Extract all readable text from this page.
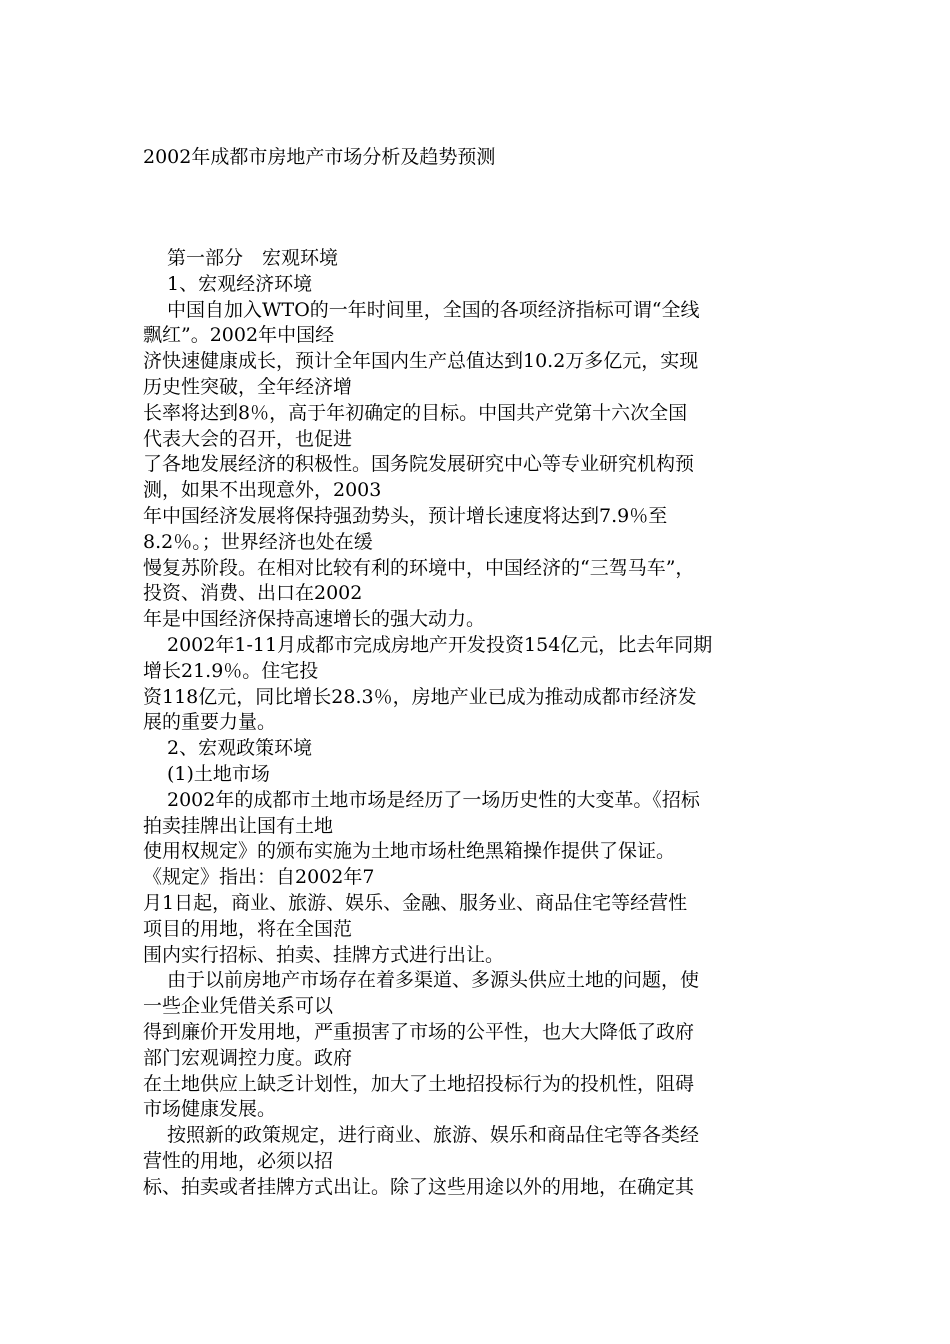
2002年成都市房地产市场分析及趋势预测
第一部分　宏观环境
1、宏观经济环境
中国自加入WTO的一年时间里，全国的各项经济指标可谓“全线
飘红”。2002年中国经
济快速健康成长，预计全年国内生产总值达到10.2万多亿元，实现
历史性突破，全年经济增
长率将达到8％，高于年初确定的目标。中国共产党第十六次全国
代表大会的召开，也促进
了各地发展经济的积极性。国务院发展研究中心等专业研究机构预
测，如果不出现意外，2003
年中国经济发展将保持强劲势头，预计增长速度将达到7.9％至
8.2％。；世界经济也处在缓
慢复苏阶段。在相对比较有利的环境中，中国经济的“三驾马车”，
投资、消费、出口在2002
年是中国经济保持高速增长的强大动力。
2002年1-11月成都市完成房地产开发投资154亿元，比去年同期
增长21.9％。住宅投
资118亿元，同比增长28.3％，房地产业已成为推动成都市经济发
展的重要力量。
2、宏观政策环境
(1)土地市场
2002年的成都市土地市场是经历了一场历史性的大变革。《招标
拍卖挂牌出让国有土地
使用权规定》的颁布实施为土地市场杜绝黑箱操作提供了保证。
《规定》指出：自2002年7
月1日起，商业、旅游、娱乐、金融、服务业、商品住宅等经营性
项目的用地，将在全国范
围内实行招标、拍卖、挂牌方式进行出让。
由于以前房地产市场存在着多渠道、多源头供应土地的问题，使
一些企业凭借关系可以
得到廉价开发用地，严重损害了市场的公平性，也大大降低了政府
部门宏观调控力度。政府
在土地供应上缺乏计划性，加大了土地招投标行为的投机性，阻碍
市场健康发展。
按照新的政策规定，进行商业、旅游、娱乐和商品住宅等各类经
营性的用地，必须以招
标、拍卖或者挂牌方式出让。除了这些用途以外的用地，在确定其
